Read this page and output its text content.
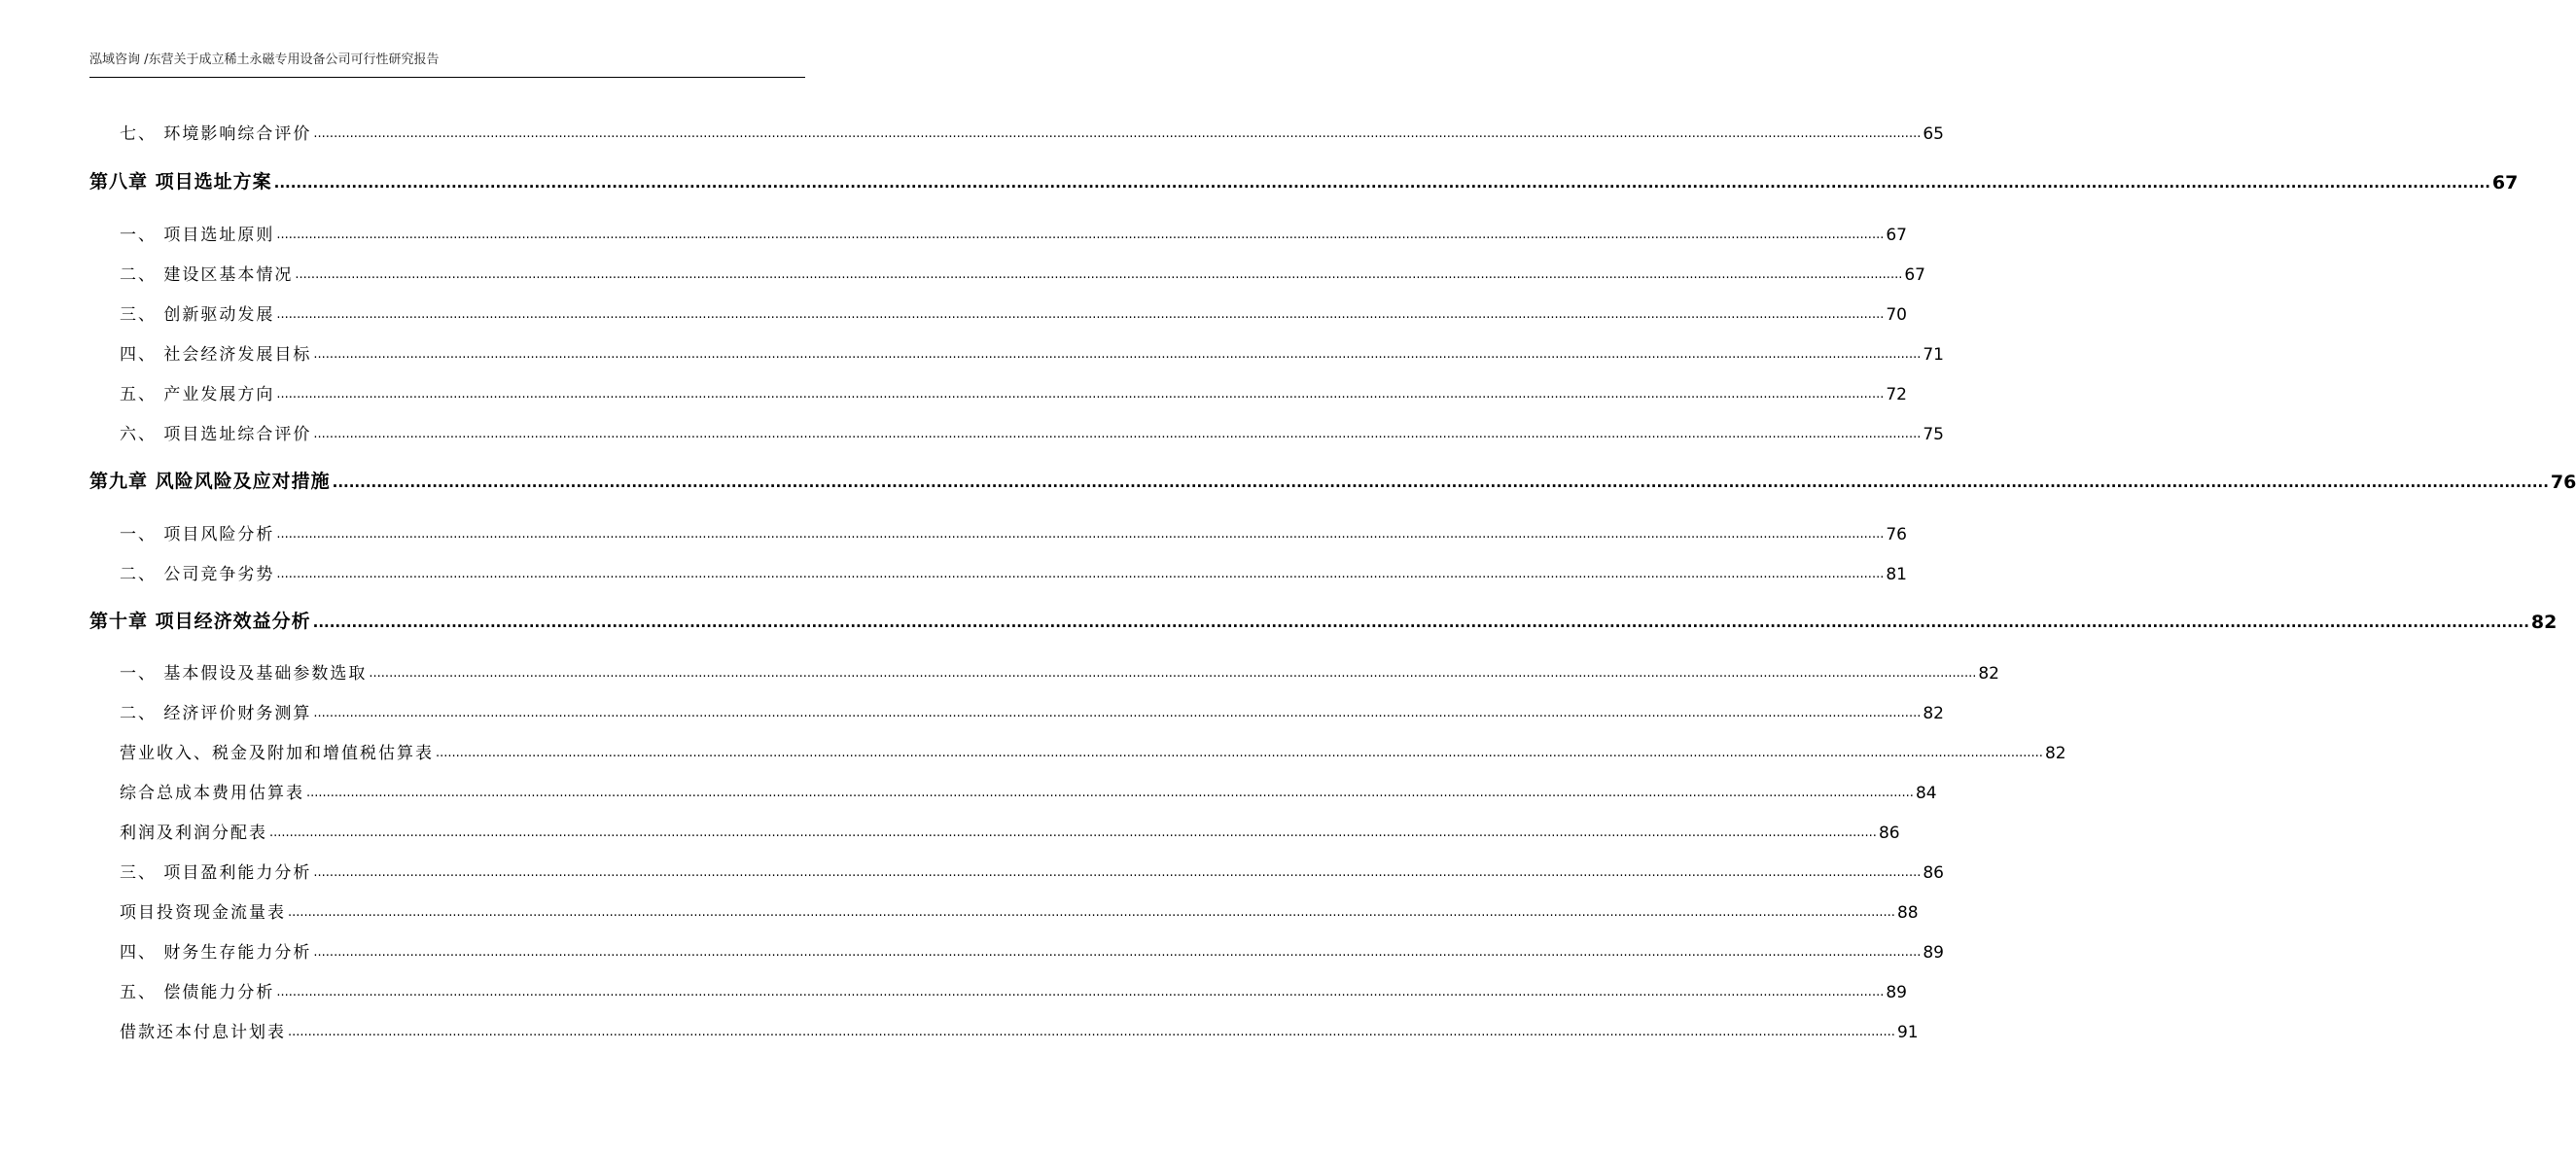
泓域咨询 /东营关于成立稀土永磁专用设备公司可行性研究报告
七、 环境影响综合评价 ................................................................................................................................................................................................................................................................................................................................................................................................................ 65
第八章 项目选址方案 ................................................................................................................................................................................................................................................................................................................................................................................................................ 67
一、 项目选址原则 ................................................................................................................................................................................................................................................................................................................................................................................................................ 67
二、 建设区基本情况 ................................................................................................................................................................................................................................................................................................................................................................................................................ 67
三、 创新驱动发展 ................................................................................................................................................................................................................................................................................................................................................................................................................ 70
四、 社会经济发展目标 ................................................................................................................................................................................................................................................................................................................................................................................................................ 71
五、 产业发展方向 ................................................................................................................................................................................................................................................................................................................................................................................................................ 72
六、 项目选址综合评价 ................................................................................................................................................................................................................................................................................................................................................................................................................ 75
第九章 风险风险及应对措施 ................................................................................................................................................................................................................................................................................................................................................................................................................ 76
一、 项目风险分析 ................................................................................................................................................................................................................................................................................................................................................................................................................ 76
二、 公司竞争劣势 ................................................................................................................................................................................................................................................................................................................................................................................................................ 81
第十章 项目经济效益分析 ................................................................................................................................................................................................................................................................................................................................................................................................................ 82
一、 基本假设及基础参数选取 ................................................................................................................................................................................................................................................................................................................................................................................................................ 82
二、 经济评价财务测算 ................................................................................................................................................................................................................................................................................................................................................................................................................ 82
营业收入、税金及附加和增值税估算表 ................................................................................................................................................................................................................................................................................................................................................................................................................ 82
综合总成本费用估算表 ................................................................................................................................................................................................................................................................................................................................................................................................................ 84
利润及利润分配表 ................................................................................................................................................................................................................................................................................................................................................................................................................ 86
三、 项目盈利能力分析 ................................................................................................................................................................................................................................................................................................................................................................................................................ 86
项目投资现金流量表 ................................................................................................................................................................................................................................................................................................................................................................................................................ 88
四、 财务生存能力分析 ................................................................................................................................................................................................................................................................................................................................................................................................................ 89
五、 偿债能力分析 ................................................................................................................................................................................................................................................................................................................................................................................................................ 89
借款还本付息计划表 ................................................................................................................................................................................................................................................................................................................................................................................................................ 91
